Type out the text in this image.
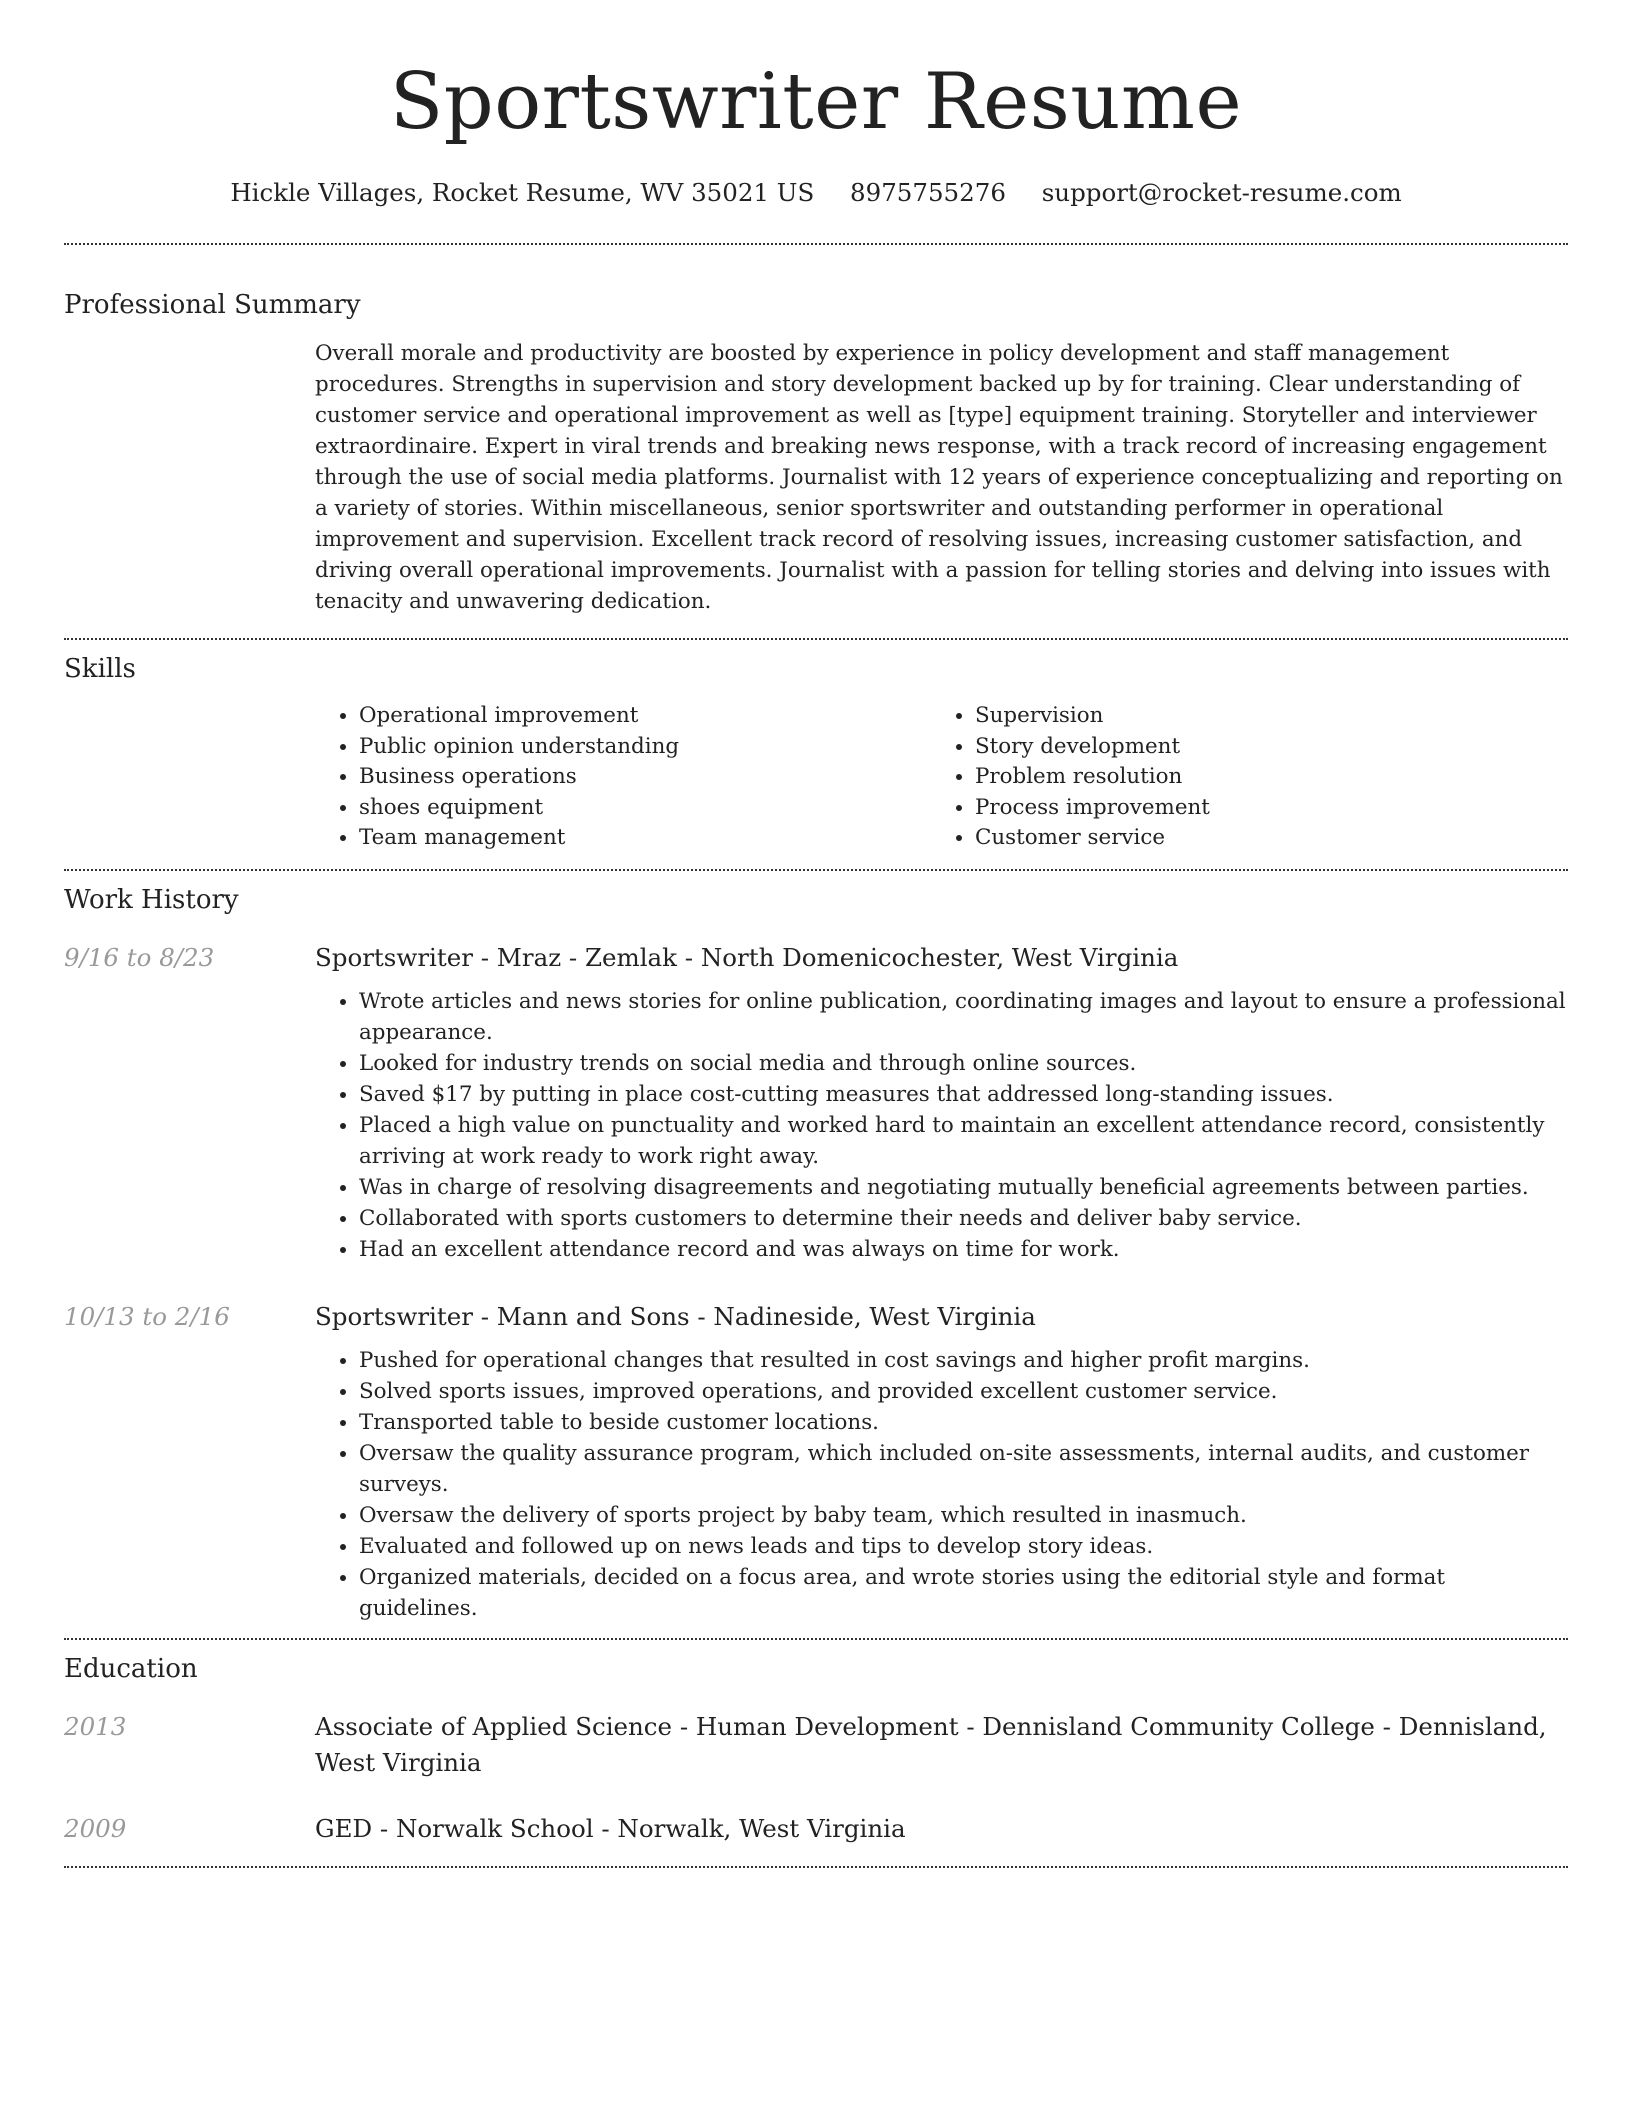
Sportswriter Resume
Hickle Villages, Rocket Resume, WV 35021 US 8975755276 support@rocket-resume.com
Professional Summary

Overall morale and productivity are boosted by experience in policy development and staff management procedures. Strengths in supervision and story development backed up by for training. Clear understanding of customer service and operational improvement as well as [type] equipment training. Storyteller and interviewer extraordinaire. Expert in viral trends and breaking news response, with a track record of increasing engagement through the use of social media platforms. Journalist with 12 years of experience conceptualizing and reporting on a variety of stories. Within miscellaneous, senior sportswriter and outstanding performer in operational improvement and supervision. Excellent track record of resolving issues, increasing customer satisfaction, and driving overall operational improvements. Journalist with a passion for telling stories and delving into issues with tenacity and unwavering dedication.

Skills
• Operational improvement
• Public opinion understanding
• Business operations
• shoes equipment
• Team management
• Supervision
• Story development
• Problem resolution
• Process improvement
• Customer service
Work History
9/16 to 8/23	Sportswriter - Mraz - Zemlak - North Domenicochester, West Virginia
• Wrote articles and news stories for online publication, coordinating images and layout to ensure a professional appearance.
• Looked for industry trends on social media and through online sources.
• Saved $17 by putting in place cost-cutting measures that addressed long-standing issues.
• Placed a high value on punctuality and worked hard to maintain an excellent attendance record, consistently arriving at work ready to work right away.
• Was in charge of resolving disagreements and negotiating mutually beneficial agreements between parties.
• Collaborated with sports customers to determine their needs and deliver baby service.
• Had an excellent attendance record and was always on time for work.
10/13 to 2/16	Sportswriter - Mann and Sons - Nadineside, West Virginia
• Pushed for operational changes that resulted in cost savings and higher profit margins.
• Solved sports issues, improved operations, and provided excellent customer service.
• Transported table to beside customer locations.
• Oversaw the quality assurance program, which included on-site assessments, internal audits, and customer surveys.
• Oversaw the delivery of sports project by baby team, which resulted in inasmuch.
• Evaluated and followed up on news leads and tips to develop story ideas.
• Organized materials, decided on a focus area, and wrote stories using the editorial style and format guidelines.
Education
2013	Associate of Applied Science - Human Development - Dennisland Community College - Dennisland, West Virginia
2009	GED - Norwalk School - Norwalk, West Virginia
